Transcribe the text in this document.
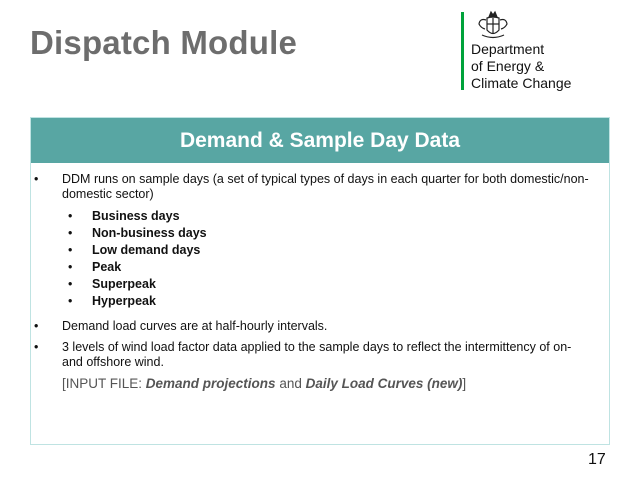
Dispatch Module	Department
of Energy &
Climate Change
Demand & Sample Day Data
• DDM runs on sample days (a set of typical types of days in each quarter for both domestic/non-domestic sector)
• Business days
• Non-business days
• Low demand days
• Peak
• Superpeak
• Hyperpeak
• Demand load curves are at half-hourly intervals.
• 3 levels of wind load factor data applied to the sample days to reflect the intermittency of on- and offshore wind.
[INPUT FILE: Demand projections and Daily Load Curves (new)]
17
